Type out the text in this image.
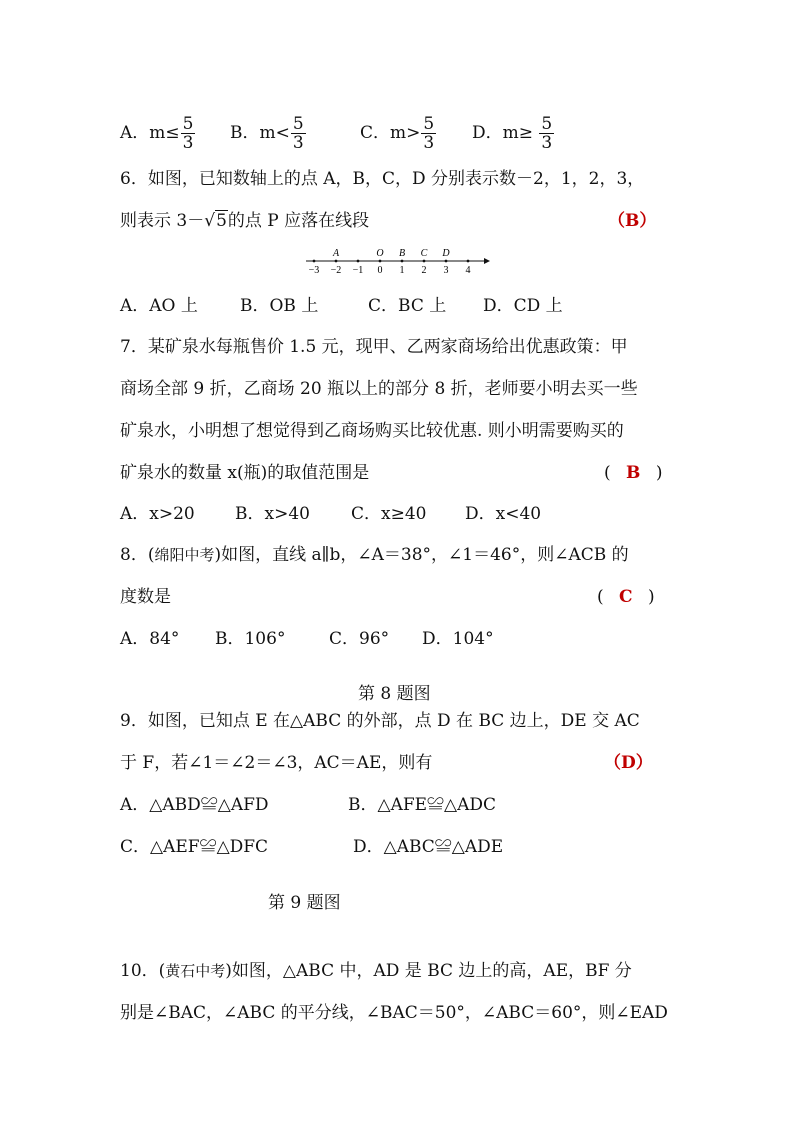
A．$m\le \frac{5}{3}$ B．$m< \frac{5}{3}$	C．$m> \frac{5}{3}$ D．$m\ge \frac{5}{3}$
6．如图，已知数轴上的点 A，B，C，D 分别表示数－2，1，2，3，
则表示 3－√5的点 P 应落在线段	（B）
−3 −2 −1 0 1 2 3 4
A	O B C D
A．AO 上 B．OB 上	C．BC 上 D．CD 上
7．某矿泉水每瓶售价 1.5 元，现甲、乙两家商场给出优惠政策：甲
商场全部 9 折，乙商场 20 瓶以上的部分 8 折，老师要小明去买一些
矿泉水，小明想了想觉得到乙商场购买比较优惠. 则小明需要购买的
矿泉水的数量 x(瓶)的取值范围是	( B )
A．x>20 B．x>40 C．x≥40 D．x<40
8．(绵阳中考)如图，直线 a∥b，∠A＝38°，∠1＝46°，则∠ACB 的
度数是	( C )
A．84° B．106°	C．96° D．104°
第 8 题图
9．如图，已知点 E 在△ABC 的外部，点 D 在 BC 边上，DE 交 AC
于 F，若∠1＝∠2＝∠3，AC＝AE，则有	（D）
A．△ABD≌△AFD	B．△AFE≌△ADC
C．△AEF≌△DFC	D．△ABC≌△ADE
第 9 题图
10．(黄石中考)如图，△ABC 中，AD 是 BC 边上的高，AE，BF 分
别是∠BAC，∠ABC 的平分线，∠BAC＝50°，∠ABC＝60°，则∠EAD
